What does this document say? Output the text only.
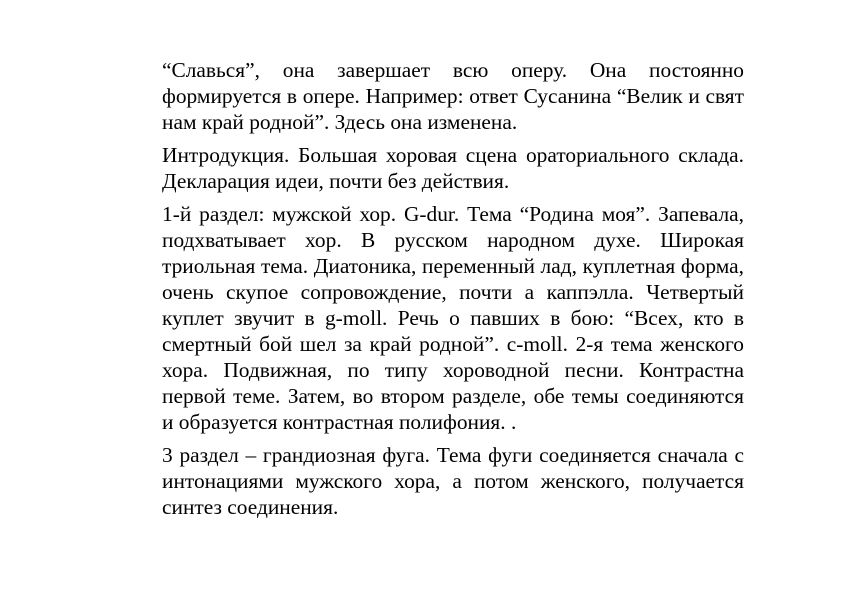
“Славься”, она завершает всю оперу. Она постоянно формируется в опере. Например: ответ Сусанина “Велик и свят нам край родной”. Здесь она изменена.

Интродукция. Большая хоровая сцена ораториального склада. Декларация идеи, почти без действия.

1-й раздел: мужской хор. G-dur. Тема “Родина моя”. Запевала, подхватывает хор. В русском народном духе. Широкая триольная тема. Диатоника, переменный лад, куплетная форма, очень скупое сопровождение, почти а каппэлла. Четвертый куплет звучит в g-moll. Речь о павших в бою: “Всех, кто в смертный бой шел за край родной”. c-moll. 2-я тема женского хора. Подвижная, по типу хороводной песни. Контрастна первой теме. Затем, во втором разделе, обе темы соединяются и образуется контрастная полифония. .

3 раздел – грандиозная фуга. Тема фуги соединяется сначала с интонациями мужского хора, а потом женского, получается синтез соединения.
